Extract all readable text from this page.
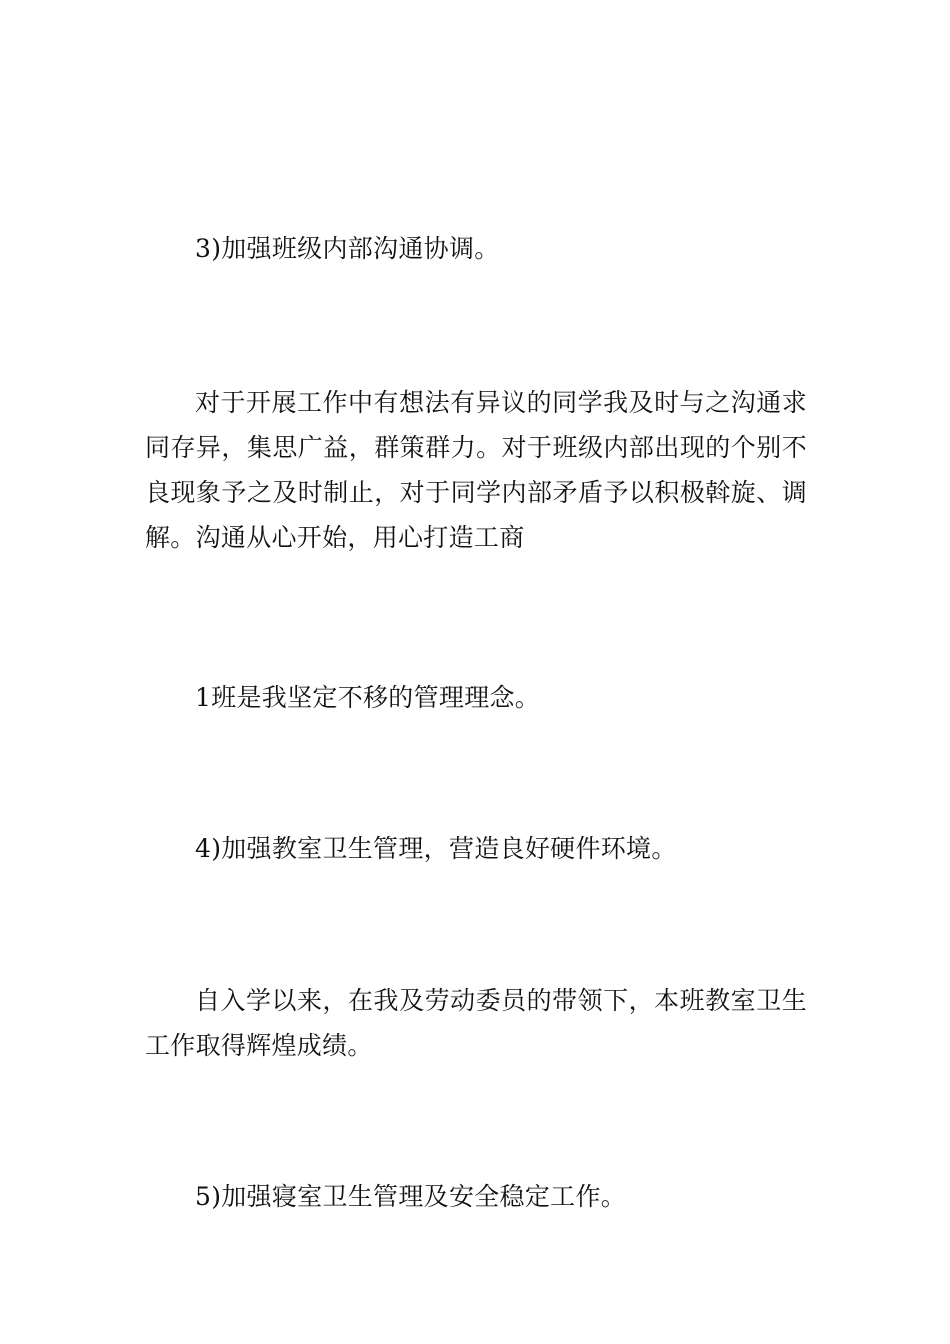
3)加强班级内部沟通协调。

对于开展工作中有想法有异议的同学我及时与之沟通求同存异，集思广益，群策群力。对于班级内部出现的个别不良现象予之及时制止，对于同学内部矛盾予以积极斡旋、调解。沟通从心开始，用心打造工商

1班是我坚定不移的管理理念。

4)加强教室卫生管理，营造良好硬件环境。

自入学以来，在我及劳动委员的带领下，本班教室卫生工作取得辉煌成绩。

5)加强寝室卫生管理及安全稳定工作。
